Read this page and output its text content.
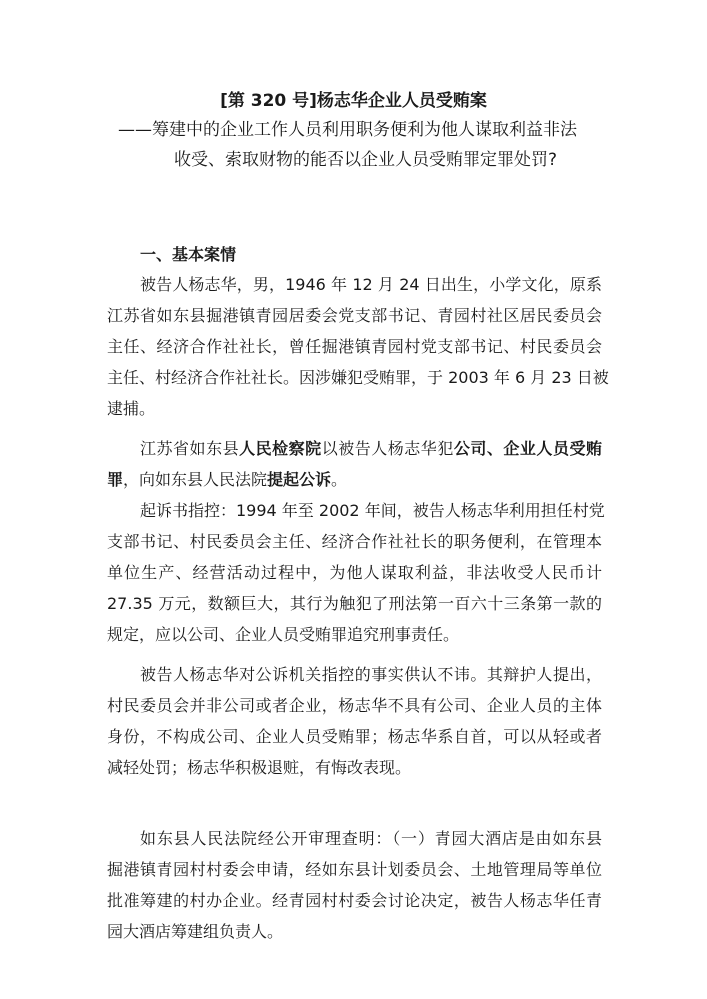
[第 320 号]杨志华企业人员受贿案
——筹建中的企业工作人员利用职务便利为他人谋取利益非法
收受、索取财物的能否以企业人员受贿罪定罪处罚?
一、基本案情
被告人杨志华，男，1946 年 12 月 24 日出生，小学文化，原系
江苏省如东县掘港镇青园居委会党支部书记、青园村社区居民委员会
主任、经济合作社社长，曾任掘港镇青园村党支部书记、村民委员会
主任、村经济合作社社长。因涉嫌犯受贿罪，于 2003 年 6 月 23 日被
逮捕。
江苏省如东县人民检察院以被告人杨志华犯公司、企业人员受贿
罪，向如东县人民法院提起公诉。
起诉书指控：1994 年至 2002 年间，被告人杨志华利用担任村党
支部书记、村民委员会主任、经济合作社社长的职务便利，在管理本
单位生产、经营活动过程中，为他人谋取利益，非法收受人民币计
27.35 万元，数额巨大，其行为触犯了刑法第一百六十三条第一款的
规定，应以公司、企业人员受贿罪追究刑事责任。
被告人杨志华对公诉机关指控的事实供认不讳。其辩护人提出，
村民委员会并非公司或者企业，杨志华不具有公司、企业人员的主体
身份，不构成公司、企业人员受贿罪；杨志华系自首，可以从轻或者
减轻处罚；杨志华积极退赃，有悔改表现。
如东县人民法院经公开审理查明：（一）青园大酒店是由如东县
掘港镇青园村村委会申请，经如东县计划委员会、土地管理局等单位
批准筹建的村办企业。经青园村村委会讨论决定，被告人杨志华任青
园大酒店筹建组负责人。
